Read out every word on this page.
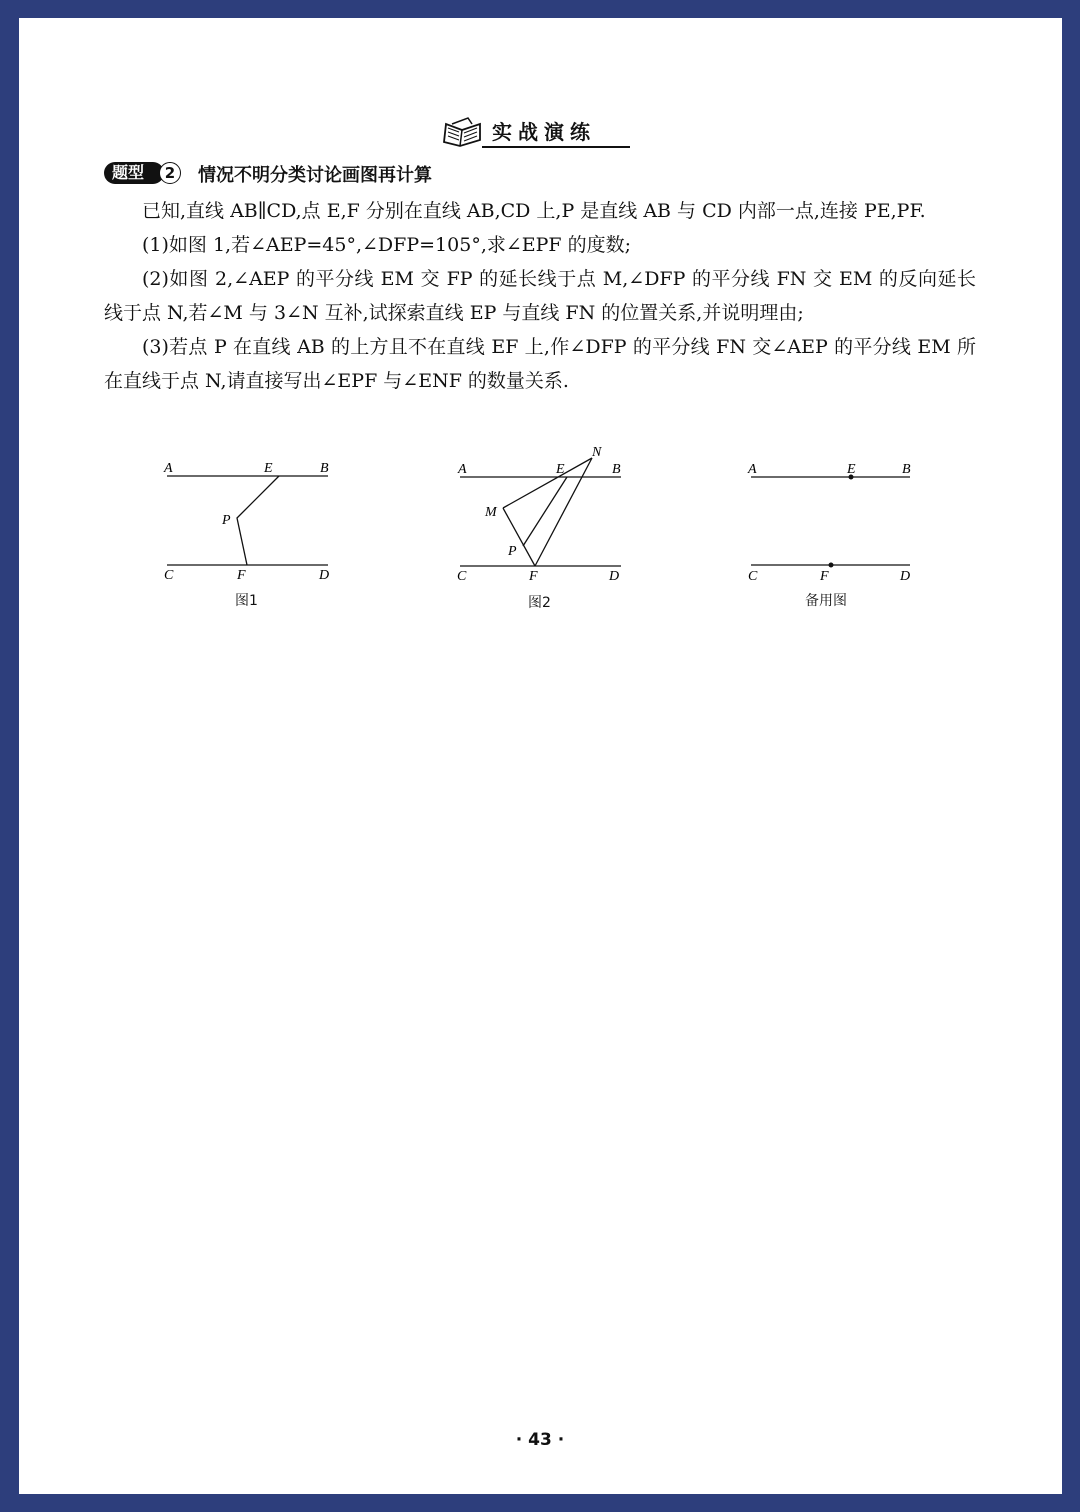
实战演练
题型	2	情况不明分类讨论画图再计算

已知,直线 AB∥CD,点 E,F 分别在直线 AB,CD 上,P 是直线 AB 与 CD 内部一点,连接 PE,PF.

(1)如图 1,若∠AEP=45°,∠DFP=105°,求∠EPF 的度数;

(2)如图 2,∠AEP 的平分线 EM 交 FP 的延长线于点 M,∠DFP 的平分线 FN 交 EM 的反向延长线于点 N,若∠M 与 3∠N 互补,试探索直线 EP 与直线 FN 的位置关系,并说明理由;

(3)若点 P 在直线 AB 的上方且不在直线 EF 上,作∠DFP 的平分线 FN 交∠AEP 的平分线 EM 所在直线于点 N,请直接写出∠EPF 与∠ENF 的数量关系.

A	E	B
P
C	F	D
图1
N
A	E	B
M
P
C	F	D
图2
A	E	B
C	F	D
备用图
· 43 ·
